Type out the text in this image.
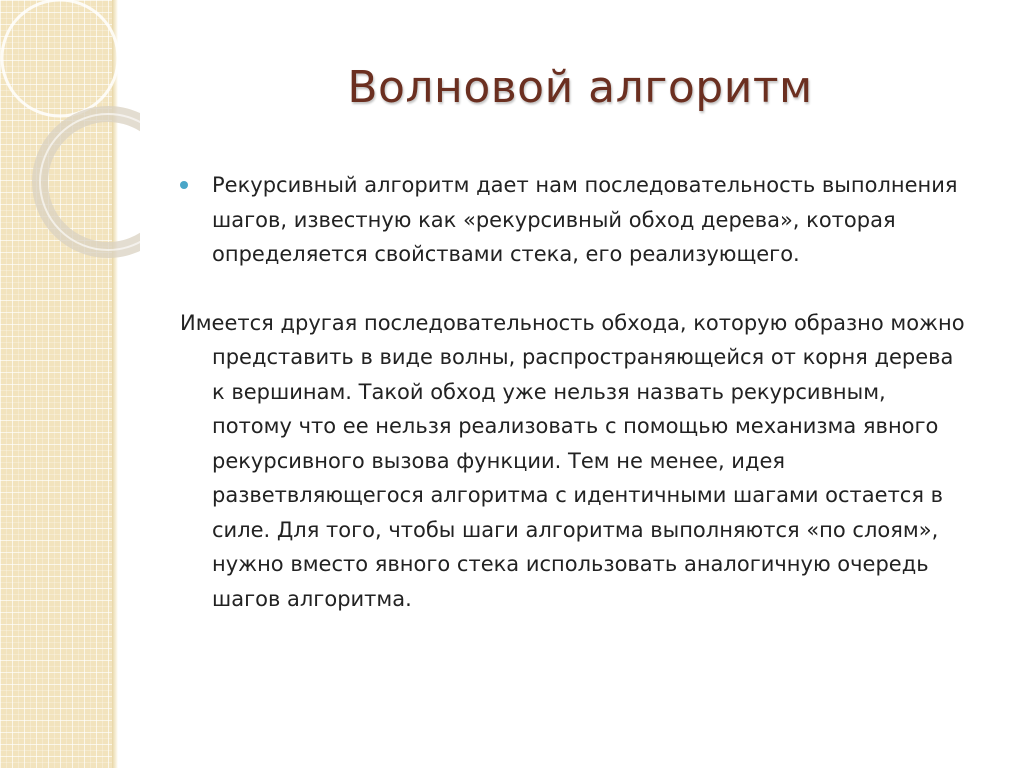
Волновой алгоритм

Рекурсивный алгоритм дает нам последовательность выполнения шагов, известную как «рекурсивный обход дерева», которая определяется свойствами стека, его реализующего.

Имеется другая последовательность обхода, которую образно можно представить в виде волны, распространяющейся от корня дерева к вершинам. Такой обход уже нельзя назвать рекурсивным, потому что ее нельзя реализовать с помощью механизма явного рекурсивного вызова функции. Тем не менее, идея разветвляющегося алгоритма с идентичными шагами остается в силе. Для того, чтобы шаги алгоритма выполняются «по слоям», нужно вместо явного стека использовать аналогичную очередь шагов алгоритма.
